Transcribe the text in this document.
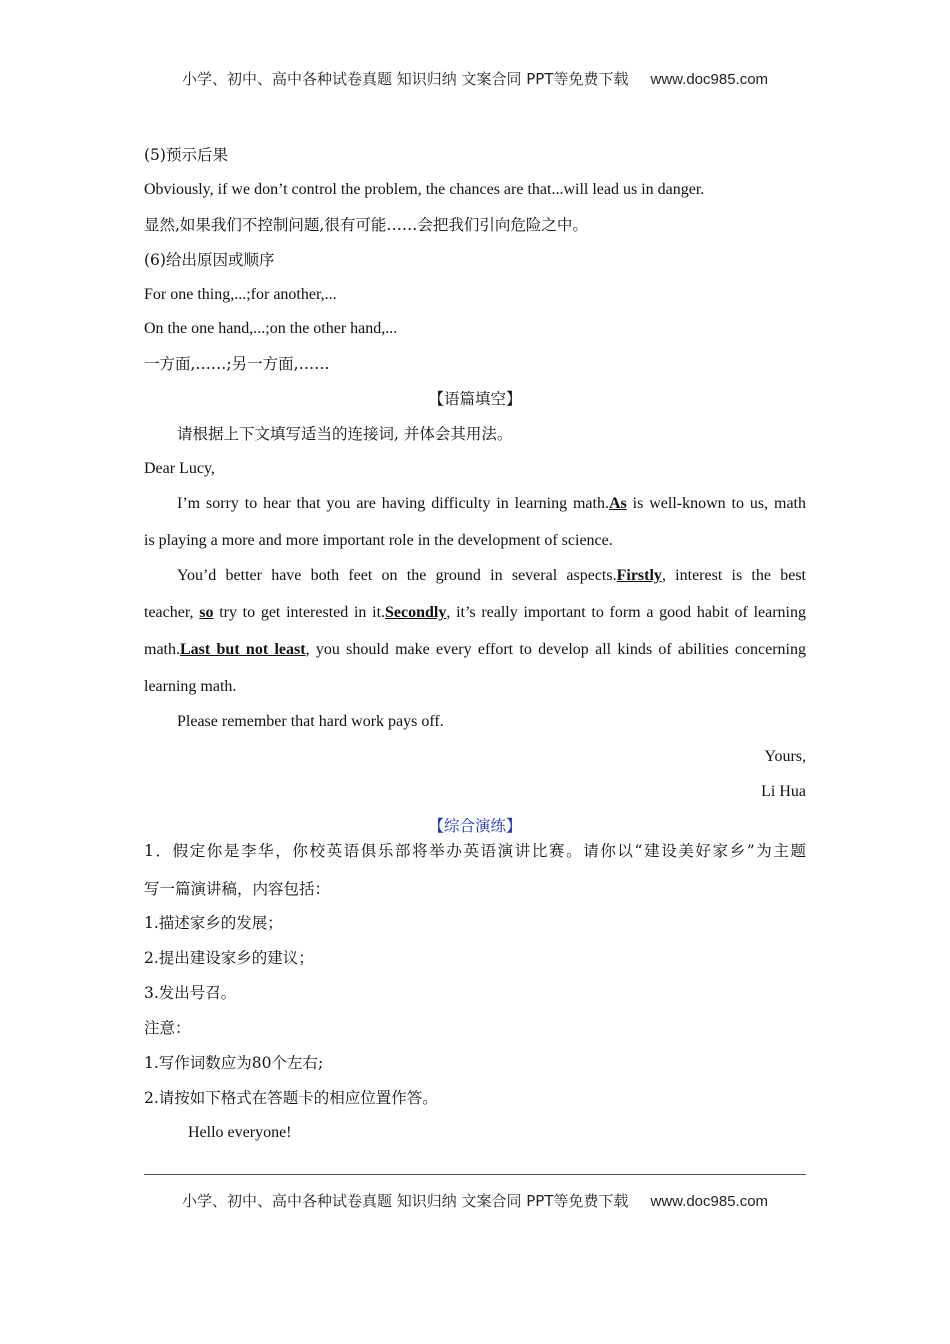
小学、初中、高中各种试卷真题 知识归纳 文案合同 PPT等免费下载 www.doc985.com
(5)预示后果
Obviously, if we don’t control the problem, the chances are that...will lead us in danger.
显然,如果我们不控制问题,很有可能……会把我们引向危险之中。
(6)给出原因或顺序
For one thing,...;for another,...
On the one hand,...;on the other hand,...
一方面,……;另一方面,……
【语篇填空】
请根据上下文填写适当的连接词, 并体会其用法。
Dear Lucy,
I’m sorry to hear that you are having difficulty in learning math.As is well-known to us, math
is playing a more and more important role in the development of science.
You’d better have both feet on the ground in several aspects.Firstly, interest is the best
teacher, so try to get interested in it.Secondly, it’s really important to form a good habit of learning
math.Last but not least, you should make every effort to develop all kinds of abilities concerning
learning math.
Please remember that hard work pays off.
Yours,
Li Hua
【综合演练】
1．假定你是李华，你校英语俱乐部将举办英语演讲比赛。请你以“建设美好家乡”为主题
写一篇演讲稿，内容包括：
1.描述家乡的发展；
2.提出建设家乡的建议；
3.发出号召。
注意：
1.写作词数应为80个左右;
2.请按如下格式在答题卡的相应位置作答。
Hello everyone!
小学、初中、高中各种试卷真题 知识归纳 文案合同 PPT等免费下载 www.doc985.com
